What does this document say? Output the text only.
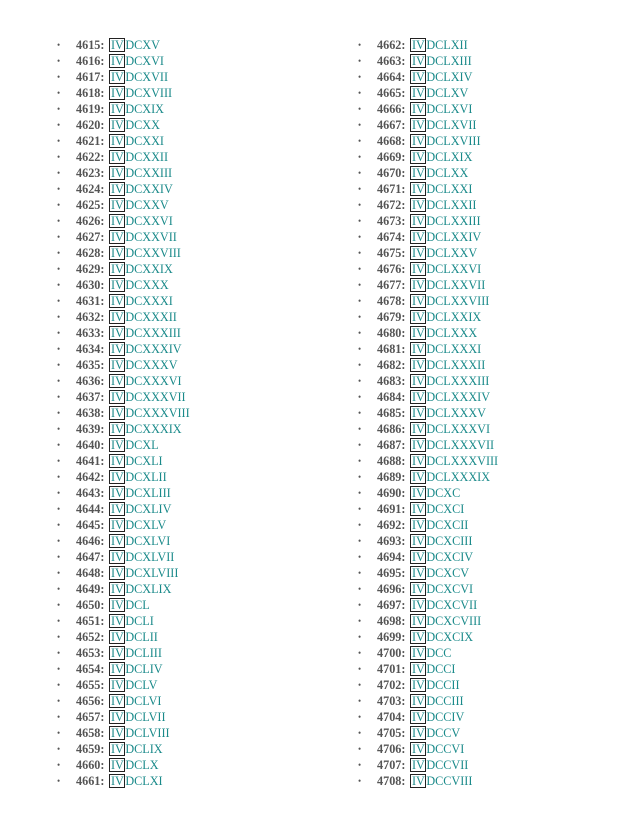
• 4615: IV DCXV
• 4616: IV DCXVI
• 4617: IV DCXVII
• 4618: IV DCXVIII
• 4619: IV DCXIX
• 4620: IV DCXX
• 4621: IV DCXXI
• 4622: IV DCXXII
• 4623: IV DCXXIII
• 4624: IV DCXXIV
• 4625: IV DCXXV
• 4626: IV DCXXVI
• 4627: IV DCXXVII
• 4628: IV DCXXVIII
• 4629: IV DCXXIX
• 4630: IV DCXXX
• 4631: IV DCXXXI
• 4632: IV DCXXXII
• 4633: IV DCXXXIII
• 4634: IV DCXXXIV
• 4635: IV DCXXXV
• 4636: IV DCXXXVI
• 4637: IV DCXXXVII
• 4638: IV DCXXXVIII
• 4639: IV DCXXXIX
• 4640: IV DCXL
• 4641: IV DCXLI
• 4642: IV DCXLII
• 4643: IV DCXLIII
• 4644: IV DCXLIV
• 4645: IV DCXLV
• 4646: IV DCXLVI
• 4647: IV DCXLVII
• 4648: IV DCXLVIII
• 4649: IV DCXLIX
• 4650: IV DCL
• 4651: IV DCLI
• 4652: IV DCLII
• 4653: IV DCLIII
• 4654: IV DCLIV
• 4655: IV DCLV
• 4656: IV DCLVI
• 4657: IV DCLVII
• 4658: IV DCLVIII
• 4659: IV DCLIX
• 4660: IV DCLX
• 4661: IV DCLXI
• 4662: IV DCLXII
• 4663: IV DCLXIII
• 4664: IV DCLXIV
• 4665: IV DCLXV
• 4666: IV DCLXVI
• 4667: IV DCLXVII
• 4668: IV DCLXVIII
• 4669: IV DCLXIX
• 4670: IV DCLXX
• 4671: IV DCLXXI
• 4672: IV DCLXXII
• 4673: IV DCLXXIII
• 4674: IV DCLXXIV
• 4675: IV DCLXXV
• 4676: IV DCLXXVI
• 4677: IV DCLXXVII
• 4678: IV DCLXXVIII
• 4679: IV DCLXXIX
• 4680: IV DCLXXX
• 4681: IV DCLXXXI
• 4682: IV DCLXXXII
• 4683: IV DCLXXXIII
• 4684: IV DCLXXXIV
• 4685: IV DCLXXXV
• 4686: IV DCLXXXVI
• 4687: IV DCLXXXVII
• 4688: IV DCLXXXVIII
• 4689: IV DCLXXXIX
• 4690: IV DCXC
• 4691: IV DCXCI
• 4692: IV DCXCII
• 4693: IV DCXCIII
• 4694: IV DCXCIV
• 4695: IV DCXCV
• 4696: IV DCXCVI
• 4697: IV DCXCVII
• 4698: IV DCXCVIII
• 4699: IV DCXCIX
• 4700: IV DCC
• 4701: IV DCCI
• 4702: IV DCCII
• 4703: IV DCCIII
• 4704: IV DCCIV
• 4705: IV DCCV
• 4706: IV DCCVI
• 4707: IV DCCVII
• 4708: IV DCCVIII
